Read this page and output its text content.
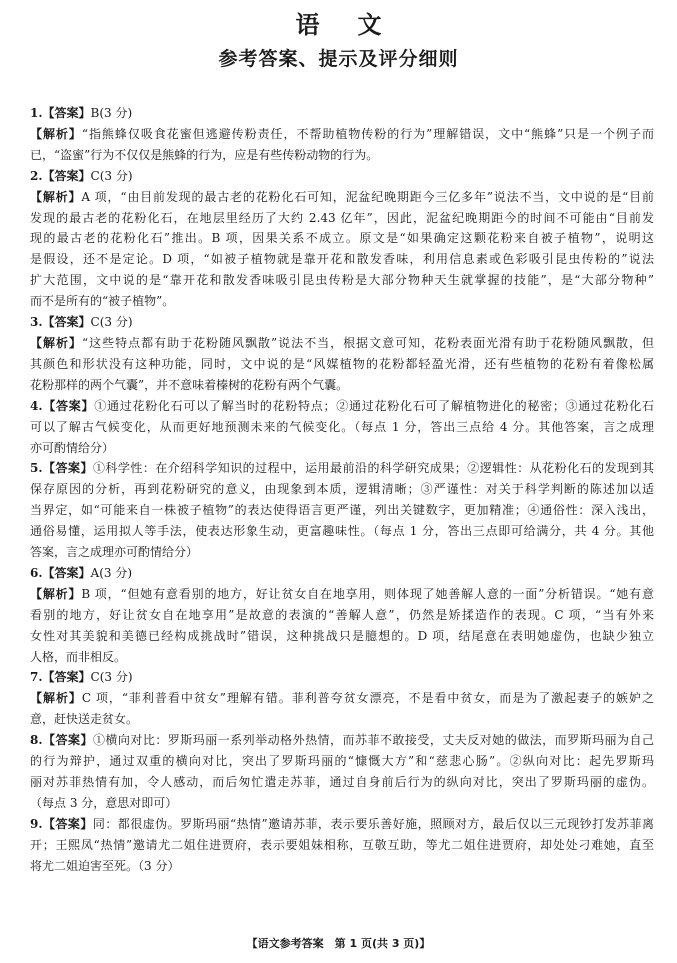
语文
参考答案、提示及评分细则
1.【答案】B(3 分)
【解析】“指熊蜂仅吸食花蜜但逃避传粉责任，不帮助植物传粉的行为”理解错误，文中“熊蜂”只是一个例子而
已，“盗蜜”行为不仅仅是熊蜂的行为，应是有些传粉动物的行为。
2.【答案】C(3 分)
【解析】A 项，“由目前发现的最古老的花粉化石可知，泥盆纪晚期距今三亿多年”说法不当，文中说的是“目前
发现的最古老的花粉化石，在地层里经历了大约 2.43 亿年”，因此，泥盆纪晚期距今的时间不可能由“目前发
现的最古老的花粉化石”推出。B 项，因果关系不成立。原文是“如果确定这颗花粉来自被子植物”，说明这
是假设，还不是定论。D 项，“如被子植物就是靠开花和散发香味，利用信息素或色彩吸引昆虫传粉的”说法
扩大范围，文中说的是“靠开花和散发香味吸引昆虫传粉是大部分物种天生就掌握的技能”，是“大部分物种”
而不是所有的“被子植物”。
3.【答案】C(3 分)
【解析】“这些特点都有助于花粉随风飘散”说法不当，根据文意可知，花粉表面光滑有助于花粉随风飘散，但
其颜色和形状没有这种功能，同时，文中说的是“风媒植物的花粉都轻盈光滑，还有些植物的花粉有着像松属
花粉那样的两个气囊”，并不意味着榛树的花粉有两个气囊。
4.【答案】①通过花粉化石可以了解当时的花粉特点；②通过花粉化石可了解植物进化的秘密；③通过花粉化石
可以了解古气候变化，从而更好地预测未来的气候变化。（每点 1 分，答出三点给 4 分。其他答案，言之成理
亦可酌情给分）
5.【答案】①科学性：在介绍科学知识的过程中，运用最前沿的科学研究成果；②逻辑性：从花粉化石的发现到其
保存原因的分析，再到花粉研究的意义，由现象到本质，逻辑清晰；③严谨性：对关于科学判断的陈述加以适
当界定，如“可能来自一株被子植物”的表达使得语言更严谨，列出关键数字，更加精准；④通俗性：深入浅出，
通俗易懂，运用拟人等手法，使表达形象生动，更富趣味性。（每点 1 分，答出三点即可给满分，共 4 分。其他
答案，言之成理亦可酌情给分）
6.【答案】A(3 分)
【解析】B 项，“但她有意看别的地方，好让贫女自在地享用，则体现了她善解人意的一面”分析错误。“她有意
看别的地方，好让贫女自在地享用”是故意的表演的“善解人意”，仍然是矫揉造作的表现。C 项，“当有外来
女性对其美貌和美德已经构成挑战时”错误，这种挑战只是臆想的。D 项，结尾意在表明她虚伪，也缺少独立
人格，而非相反。
7.【答案】C(3 分)
【解析】C 项，“菲利普看中贫女”理解有错。菲利普夸贫女漂亮，不是看中贫女，而是为了激起妻子的嫉妒之
意，赶快送走贫女。
8.【答案】①横向对比：罗斯玛丽一系列举动格外热情，而苏菲不敢接受，丈夫反对她的做法，而罗斯玛丽为自己
的行为辩护，通过双重的横向对比，突出了罗斯玛丽的“慷慨大方”和“慈悲心肠”。②纵向对比：起先罗斯玛
丽对苏菲热情有加，令人感动，而后匆忙遣走苏菲，通过自身前后行为的纵向对比，突出了罗斯玛丽的虚伪。
（每点 3 分，意思对即可）
9.【答案】同：都很虚伪。罗斯玛丽“热情”邀请苏菲，表示要乐善好施，照顾对方，最后仅以三元现钞打发苏菲离
开；王熙凤“热情”邀请尤二姐住进贾府，表示要姐妹相称，互敬互助，等尤二姐住进贾府，却处处刁难她，直至
将尤二姐迫害至死。（3 分）
【语文参考答案　第 1 页(共 3 页)】
